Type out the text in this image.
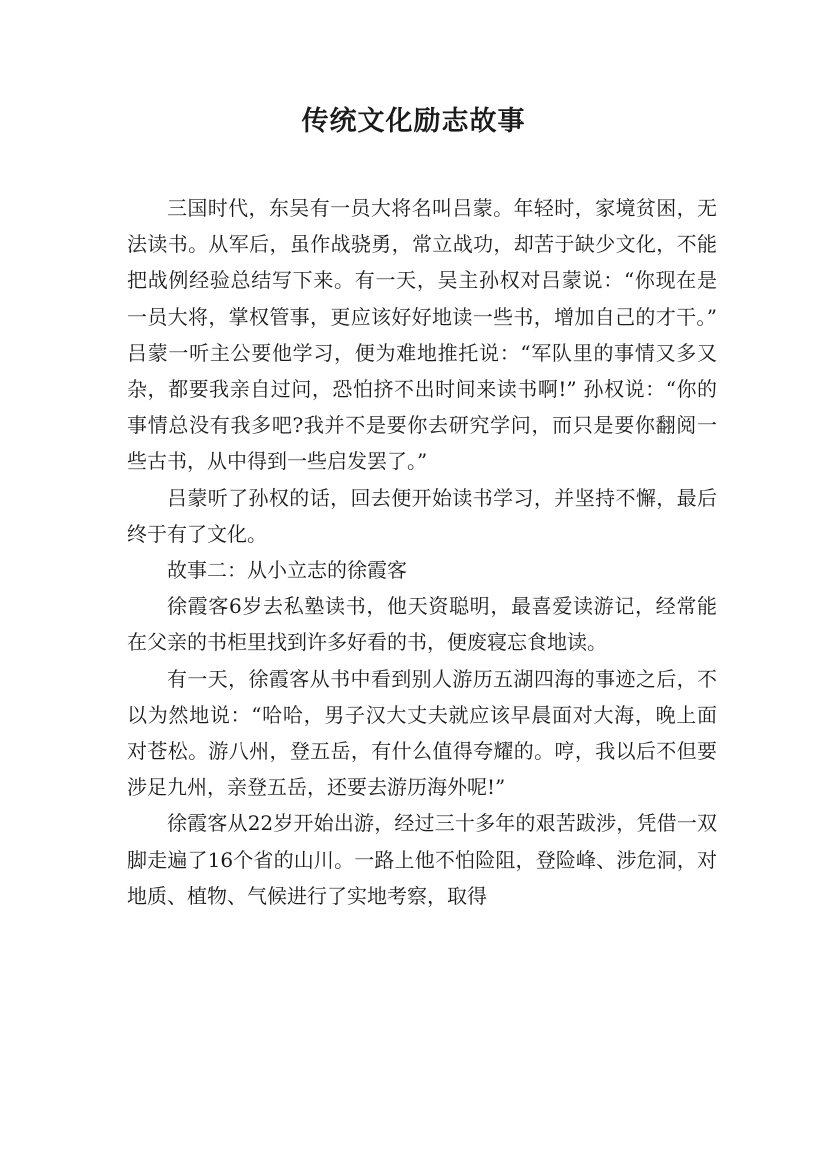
传统文化励志故事

三国时代，东吴有一员大将名叫吕蒙。年轻时，家境贫困，无法读书。从军后，虽作战骁勇，常立战功，却苦于缺少文化，不能把战例经验总结写下来。有一天，吴主孙权对吕蒙说：“你现在是一员大将，掌权管事，更应该好好地读一些书，增加自己的才干。” 吕蒙一听主公要他学习，便为难地推托说：“军队里的事情又多又杂，都要我亲自过问，恐怕挤不出时间来读书啊!” 孙权说：“你的事情总没有我多吧?我并不是要你去研究学问，而只是要你翻阅一些古书，从中得到一些启发罢了。”

吕蒙听了孙权的话，回去便开始读书学习，并坚持不懈，最后终于有了文化。

故事二：从小立志的徐霞客

徐霞客6岁去私塾读书，他天资聪明，最喜爱读游记，经常能在父亲的书柜里找到许多好看的书，便废寝忘食地读。

有一天，徐霞客从书中看到别人游历五湖四海的事迹之后，不以为然地说：“哈哈，男子汉大丈夫就应该早晨面对大海，晚上面对苍松。游八州，登五岳，有什么值得夸耀的。哼，我以后不但要涉足九州，亲登五岳，还要去游历海外呢!”

徐霞客从22岁开始出游，经过三十多年的艰苦跋涉，凭借一双脚走遍了16个省的山川。一路上他不怕险阻，登险峰、涉危洞，对地质、植物、气候进行了实地考察，取得
